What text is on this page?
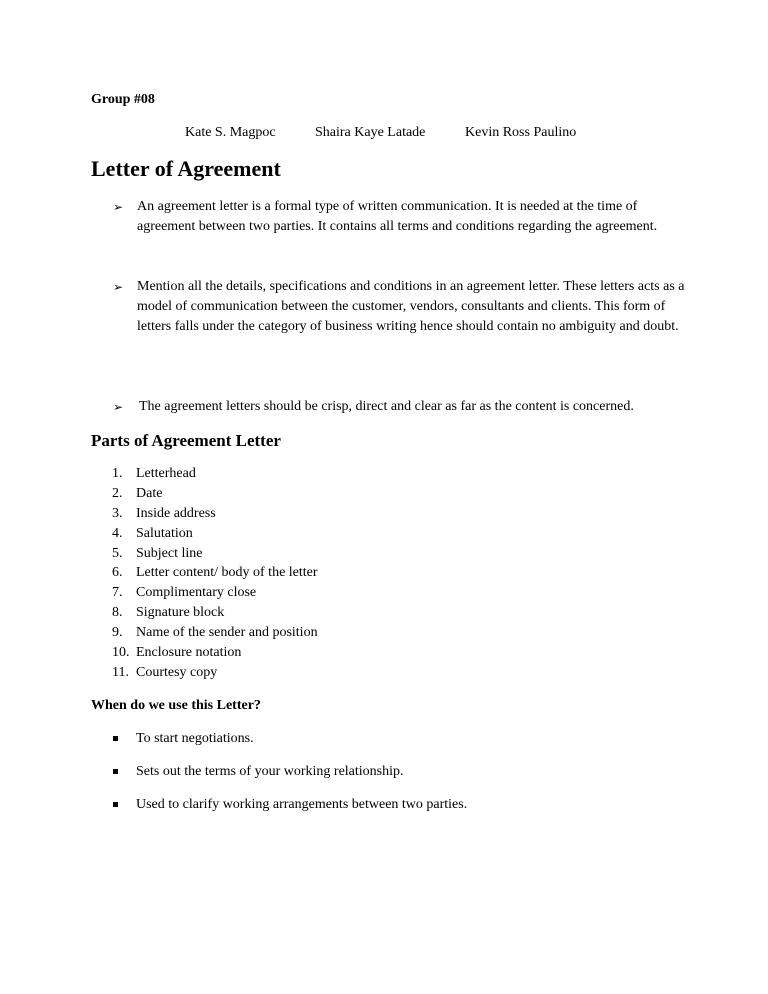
Group #08
Kate S. Magpoc	Shaira Kaye Latade	Kevin Ross Paulino
Letter of Agreement
➢ An agreement letter is a formal type of written communication. It is needed at the time of agreement between two parties. It contains all terms and conditions regarding the agreement.
➢ Mention all the details, specifications and conditions in an agreement letter. These letters acts as a model of communication between the customer, vendors, consultants and clients. This form of letters falls under the category of business writing hence should contain no ambiguity and doubt.
➢	The agreement letters should be crisp, direct and clear as far as the content is concerned.
Parts of Agreement Letter
1. Letterhead
2. Date
3. Inside address
4. Salutation
5. Subject line
6. Letter content/ body of the letter
7. Complimentary close
8. Signature block
9. Name of the sender and position
10. Enclosure notation
11. Courtesy copy
When do we use this Letter?
To start negotiations.
Sets out the terms of your working relationship.
Used to clarify working arrangements between two parties.
